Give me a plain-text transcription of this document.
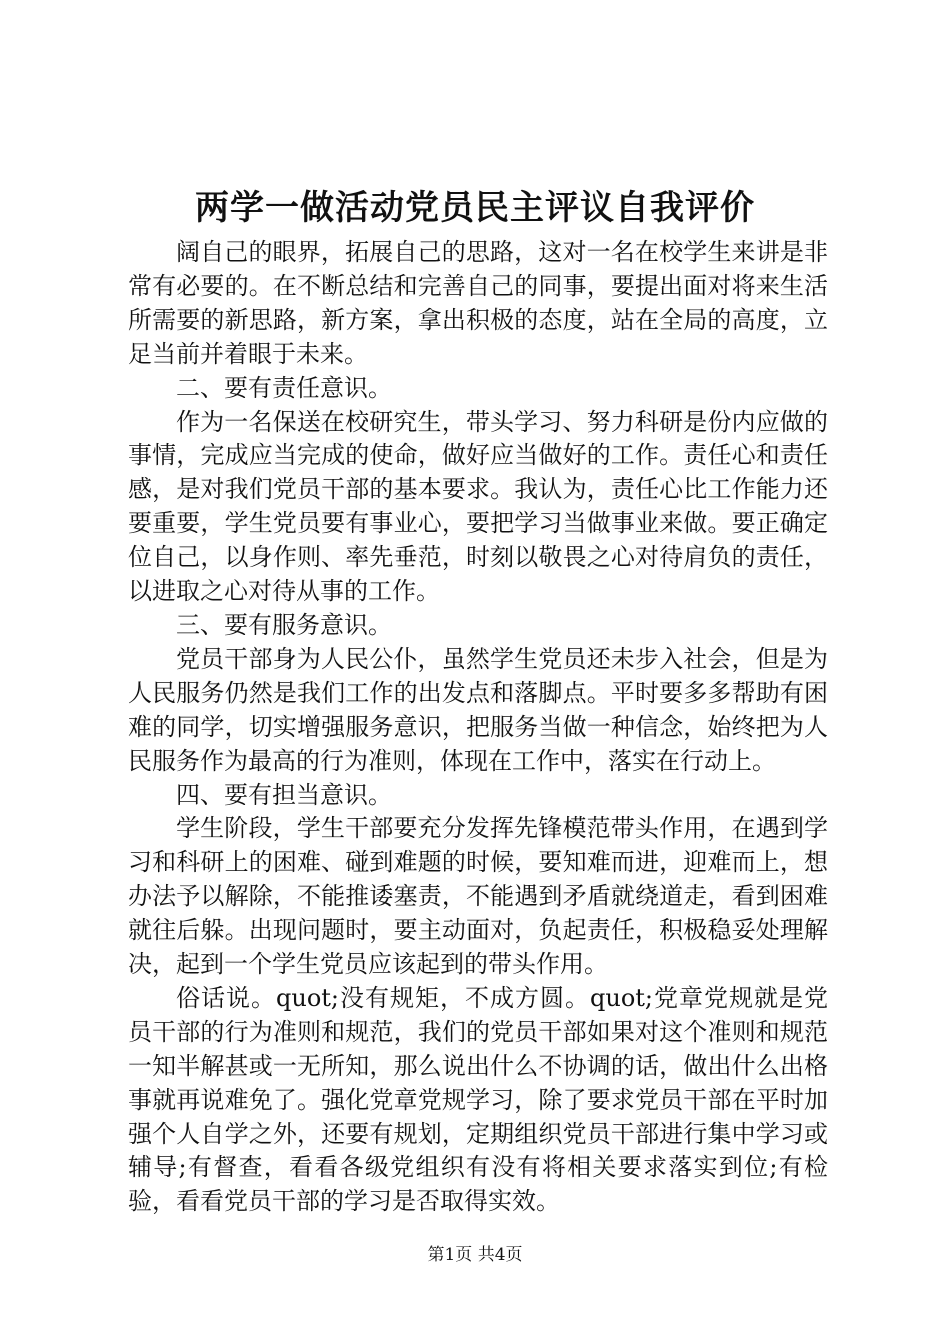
两学一做活动党员民主评议自我评价

阔自己的眼界，拓展自己的思路，这对一名在校学生来讲是非常有必要的。在不断总结和完善自己的同事，要提出面对将来生活所需要的新思路，新方案，拿出积极的态度，站在全局的高度，立足当前并着眼于未来。

二、要有责任意识。

作为一名保送在校研究生，带头学习、努力科研是份内应做的事情，完成应当完成的使命，做好应当做好的工作。责任心和责任感，是对我们党员干部的基本要求。我认为，责任心比工作能力还要重要，学生党员要有事业心，要把学习当做事业来做。要正确定位自己，以身作则、率先垂范，时刻以敬畏之心对待肩负的责任，以进取之心对待从事的工作。

三、要有服务意识。

党员干部身为人民公仆，虽然学生党员还未步入社会，但是为人民服务仍然是我们工作的出发点和落脚点。平时要多多帮助有困难的同学，切实增强服务意识，把服务当做一种信念，始终把为人民服务作为最高的行为准则，体现在工作中，落实在行动上。

四、要有担当意识。

学生阶段，学生干部要充分发挥先锋模范带头作用，在遇到学习和科研上的困难、碰到难题的时候，要知难而进，迎难而上，想办法予以解除，不能推诿塞责，不能遇到矛盾就绕道走，看到困难就往后躲。出现问题时，要主动面对，负起责任，积极稳妥处理解决，起到一个学生党员应该起到的带头作用。

俗话说。quot;没有规矩，不成方圆。quot;党章党规就是党员干部的行为准则和规范，我们的党员干部如果对这个准则和规范一知半解甚或一无所知，那么说出什么不协调的话，做出什么出格事就再说难免了。强化党章党规学习，除了要求党员干部在平时加强个人自学之外，还要有规划，定期组织党员干部进行集中学习或辅导;有督查，看看各级党组织有没有将相关要求落实到位;有检验，看看党员干部的学习是否取得实效。

第1页 共4页
